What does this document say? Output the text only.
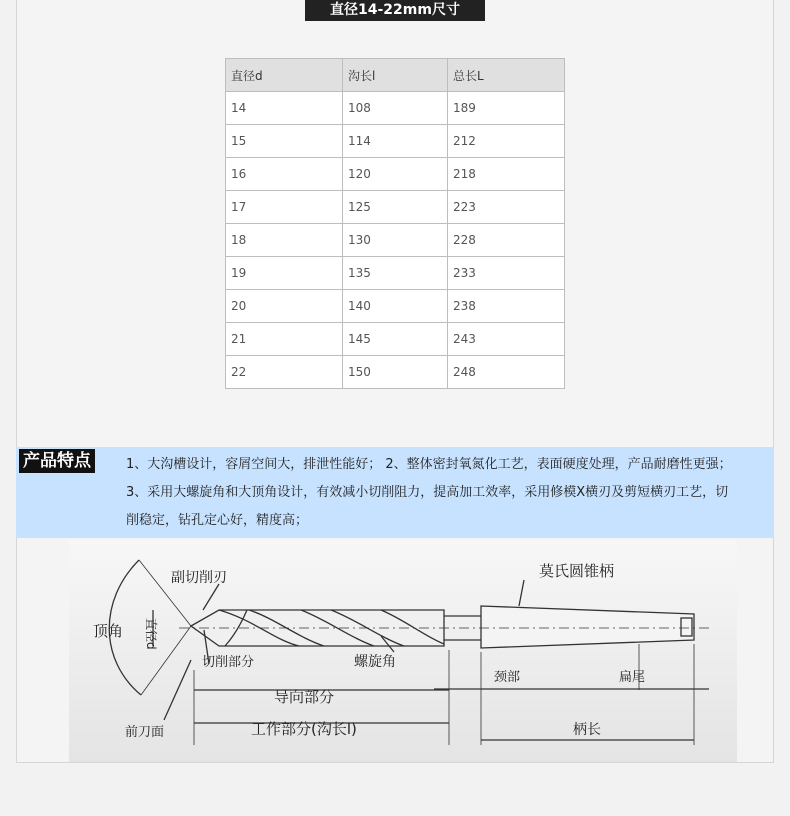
直径14-22mm尺寸
直径d	沟长l	总长L
14	108	189
15	114	212
16	120	218
17	125	223
18	130	228
19	135	233
20	140	238
21	145	243
22	150	248
产品特点	1、大沟槽设计，容屑空间大，排泄性能好； 2、整体密封氧氮化工艺，表面硬度处理，产品耐磨性更强；3、采用大螺旋角和大顶角设计，有效减小切削阻力，提高加工效率，采用修模X横刃及剪短横刃工艺，切削稳定，钻孔定心好，精度高；
莫氏圆锥柄
副切削刃
顶角 直径d
切削部分	螺旋角
导向部分
颈部	扁尾
前刀面	工作部分(沟长l)	柄长
